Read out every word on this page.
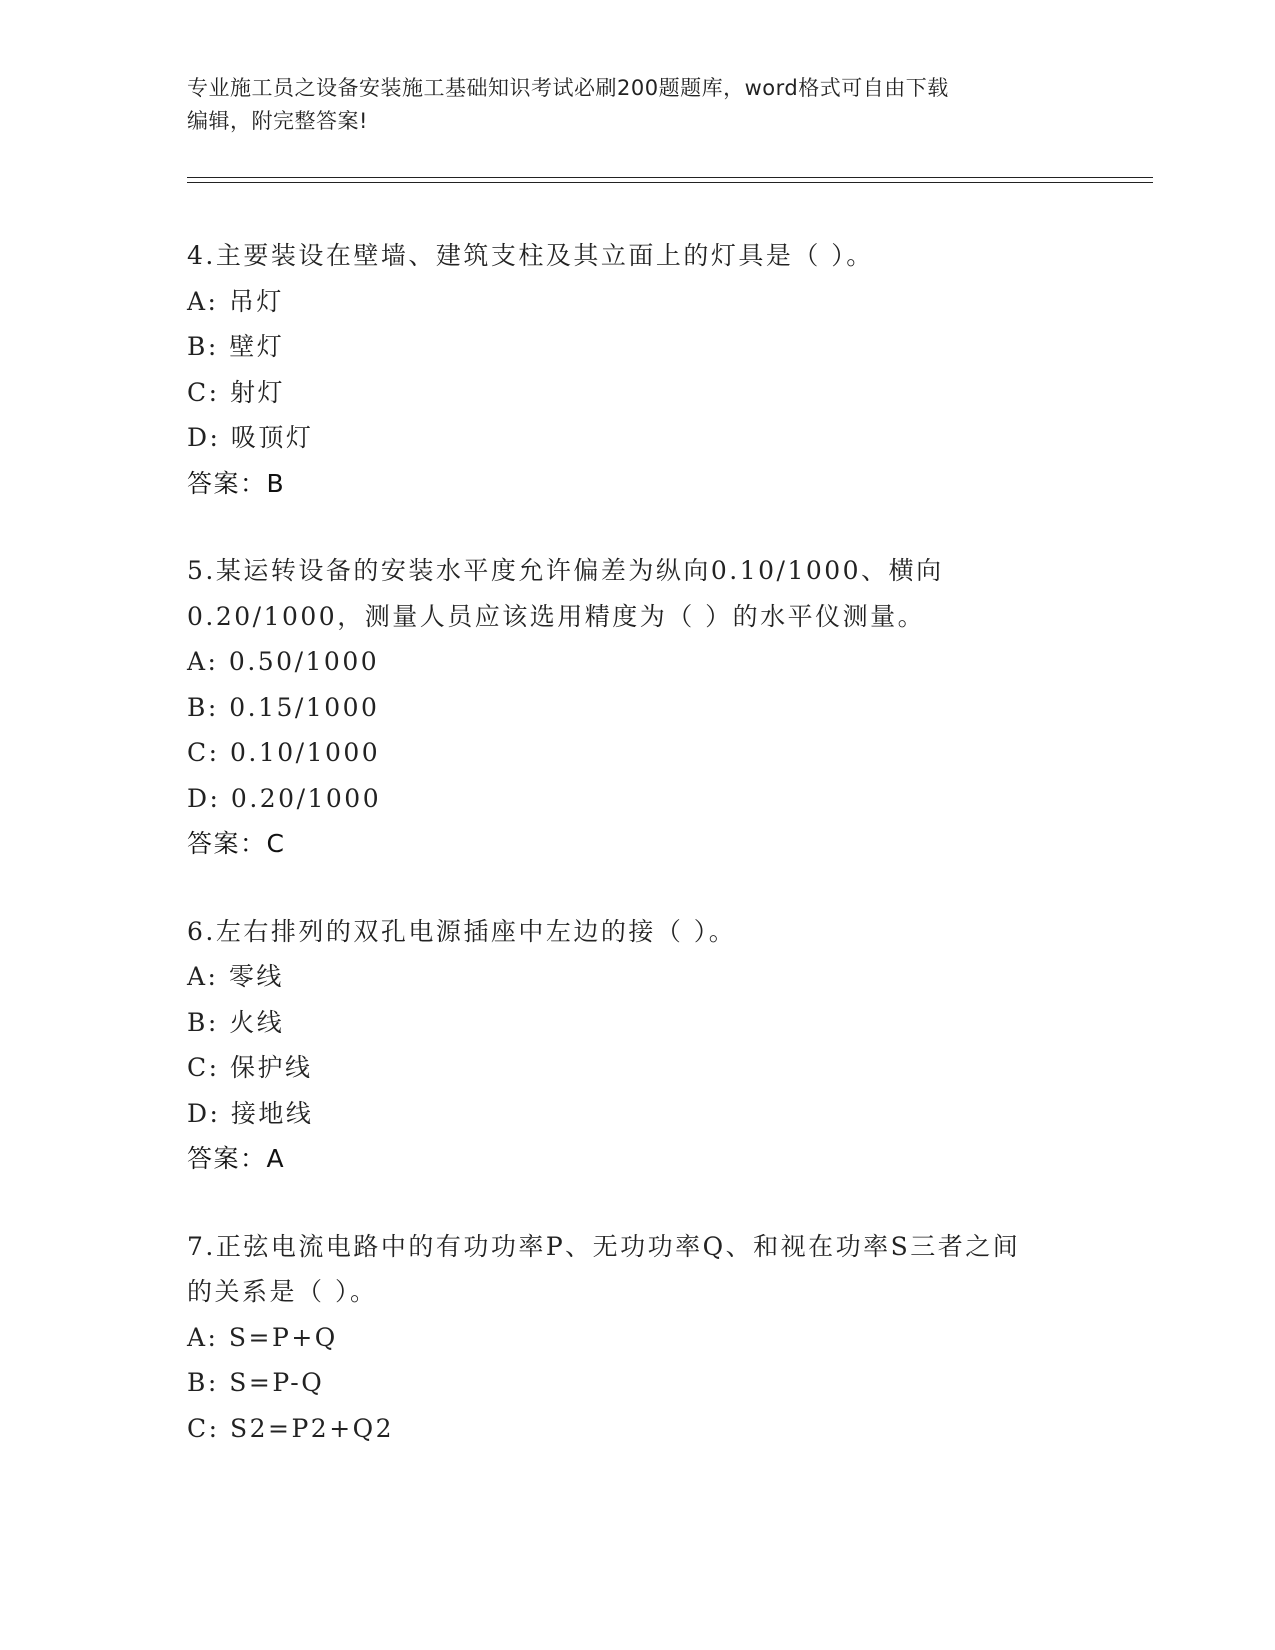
专业施工员之设备安装施工基础知识考试必刷200题题库，word格式可自由下载
编辑，附完整答案!
4.主要装设在壁墙、建筑支柱及其立面上的灯具是（ ）。
A: 吊灯
B: 壁灯
C: 射灯
D: 吸顶灯
答案：B
5.某运转设备的安装水平度允许偏差为纵向0.10/1000、横向
0.20/1000，测量人员应该选用精度为（ ）的水平仪测量。
A: 0.50/1000
B: 0.15/1000
C: 0.10/1000
D: 0.20/1000
答案：C
6.左右排列的双孔电源插座中左边的接（ ）。
A: 零线
B: 火线
C: 保护线
D: 接地线
答案：A
7.正弦电流电路中的有功功率P、无功功率Q、和视在功率S三者之间
的关系是（ ）。
A: S=P+Q
B: S=P-Q
C: S2=P2+Q2
